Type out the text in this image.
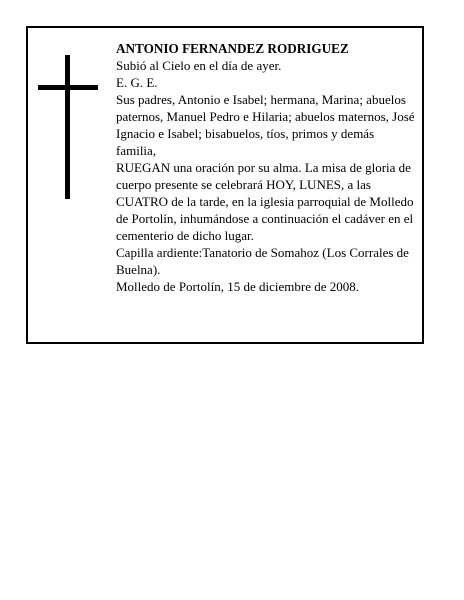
ANTONIO FERNANDEZ RODRIGUEZ

Subió al Cielo en el día de ayer.

E. G. E.

Sus padres, Antonio e Isabel; hermana, Marina; abuelos paternos, Manuel Pedro e Hilaria; abuelos maternos, José Ignacio e Isabel; bisabuelos, tíos, primos y demás familia,

RUEGAN una oración por su alma. La misa de gloria de cuerpo presente se celebrará HOY, LUNES, a las CUATRO de la tarde, en la iglesia parroquial de Molledo de Portolín, inhumándose a continuación el cadáver en el cementerio de dicho lugar.

Capilla ardiente:Tanatorio de Somahoz (Los Corrales de Buelna).

Molledo de Portolín, 15 de diciembre de 2008.
